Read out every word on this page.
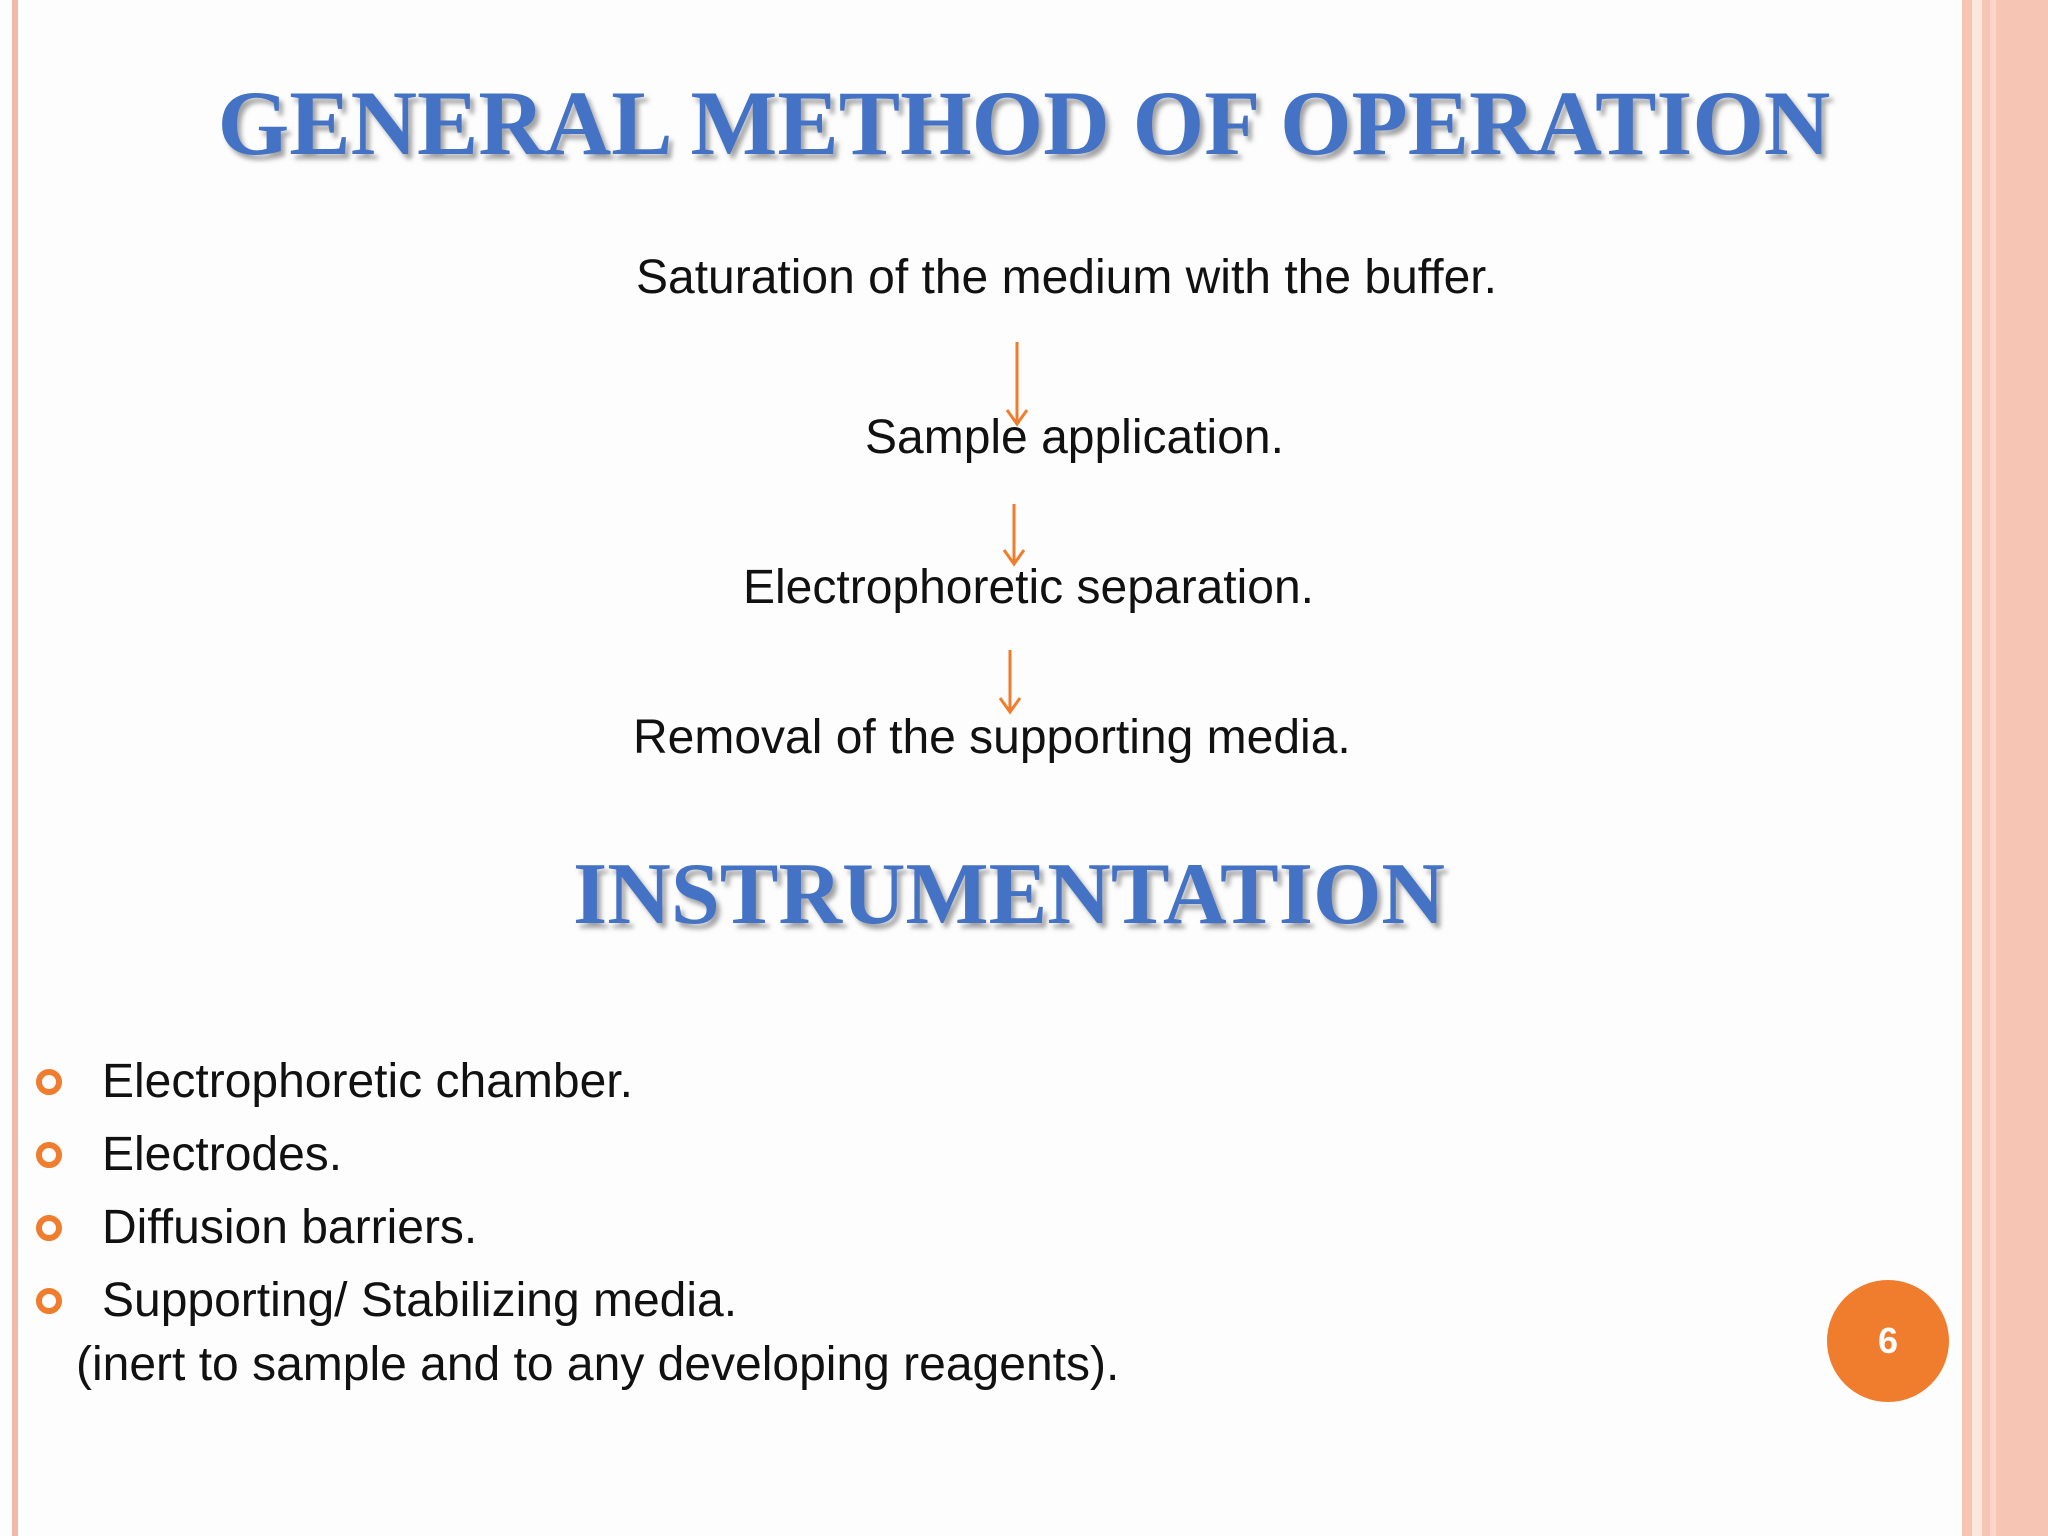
GENERAL METHOD OF OPERATION
Saturation of the medium with the buffer.
Sample application.
Electrophoretic separation.
Removal of the supporting media.
INSTRUMENTATION
Electrophoretic chamber.
Electrodes.
Diffusion barriers.
Supporting/ Stabilizing media.
(inert to sample and to any developing reagents).	6
